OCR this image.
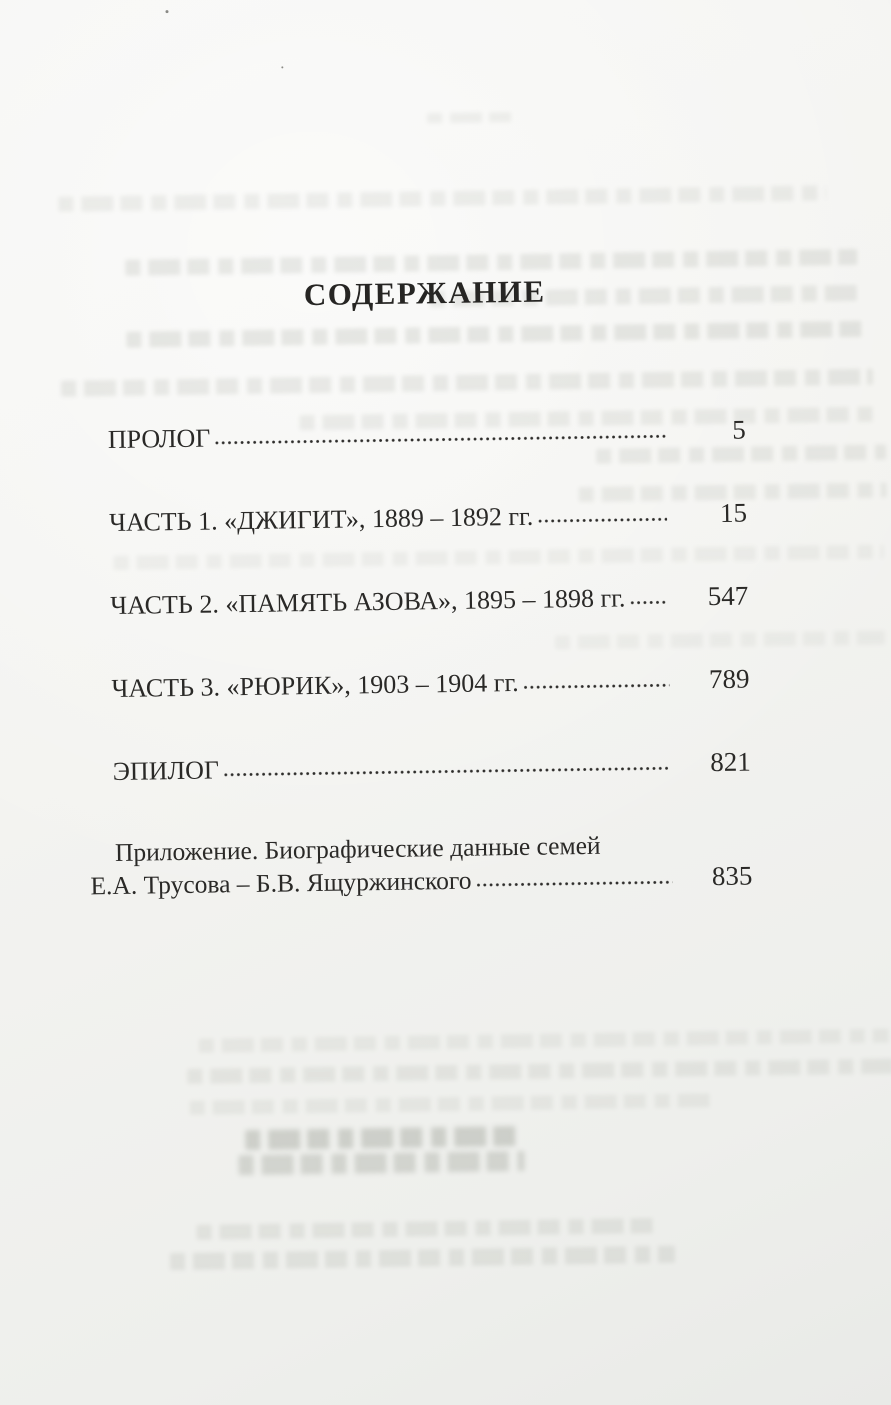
СОДЕРЖАНИЕ
ПРОЛОГ	5
ЧАСТЬ 1. «ДЖИГИТ», 1889 – 1892 гг.	15
ЧАСТЬ 2. «ПАМЯТЬ АЗОВА», 1895 – 1898 гг.	547
ЧАСТЬ 3. «РЮРИК», 1903 – 1904 гг.	789
ЭПИЛОГ	821
Приложение. Биографические данные семей
Е.А. Трусова – Б.В. Ящуржинского	835
